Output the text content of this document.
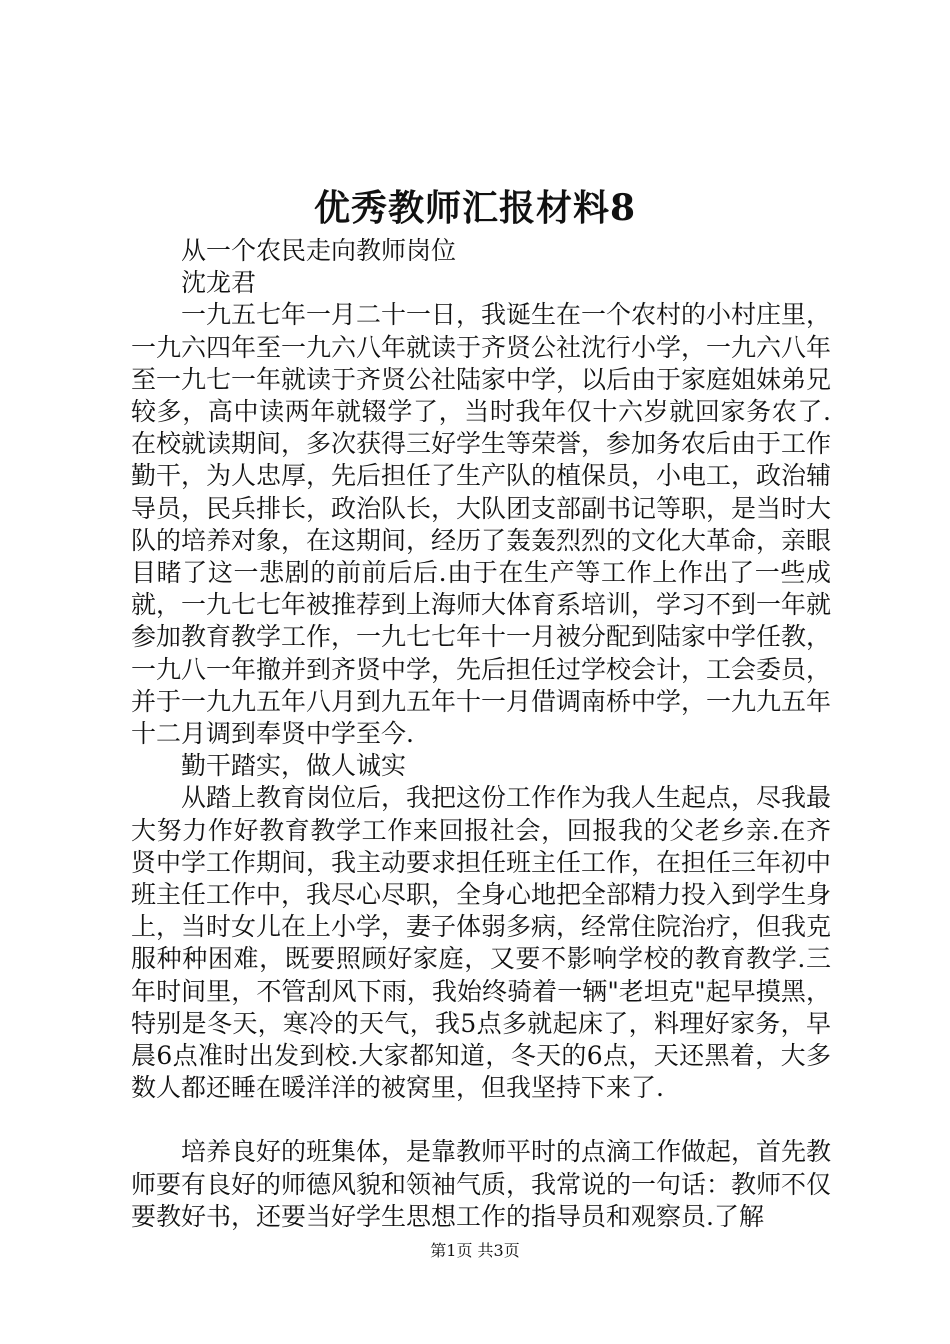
优秀教师汇报材料8

从一个农民走向教师岗位

沈龙君

一九五七年一月二十一日，我诞生在一个农村的小村庄里，一九六四年至一九六八年就读于齐贤公社沈行小学，一九六八年至一九七一年就读于齐贤公社陆家中学，以后由于家庭姐妹弟兄较多，高中读两年就辍学了，当时我年仅十六岁就回家务农了.在校就读期间，多次获得三好学生等荣誉，参加务农后由于工作勤干，为人忠厚，先后担任了生产队的植保员，小电工，政治辅导员，民兵排长，政治队长，大队团支部副书记等职，是当时大队的培养对象，在这期间，经历了轰轰烈烈的文化大革命，亲眼目睹了这一悲剧的前前后后.由于在生产等工作上作出了一些成就，一九七七年被推荐到上海师大体育系培训，学习不到一年就参加教育教学工作，一九七七年十一月被分配到陆家中学任教，一九八一年撤并到齐贤中学，先后担任过学校会计，工会委员，并于一九九五年八月到九五年十一月借调南桥中学，一九九五年十二月调到奉贤中学至今.

勤干踏实，做人诚实

从踏上教育岗位后，我把这份工作作为我人生起点，尽我最大努力作好教育教学工作来回报社会，回报我的父老乡亲.在齐贤中学工作期间，我主动要求担任班主任工作，在担任三年初中班主任工作中，我尽心尽职，全身心地把全部精力投入到学生身上，当时女儿在上小学，妻子体弱多病，经常住院治疗，但我克服种种困难，既要照顾好家庭，又要不影响学校的教育教学.三年时间里，不管刮风下雨，我始终骑着一辆"老坦克"起早摸黑，特别是冬天，寒冷的天气，我5点多就起床了，料理好家务，早晨6点准时出发到校.大家都知道，冬天的6点，天还黑着，大多数人都还睡在暖洋洋的被窝里，但我坚持下来了.

培养良好的班集体，是靠教师平时的点滴工作做起，首先教师要有良好的师德风貌和领袖气质，我常说的一句话：教师不仅要教好书，还要当好学生思想工作的指导员和观察员.了解

第1页 共3页
